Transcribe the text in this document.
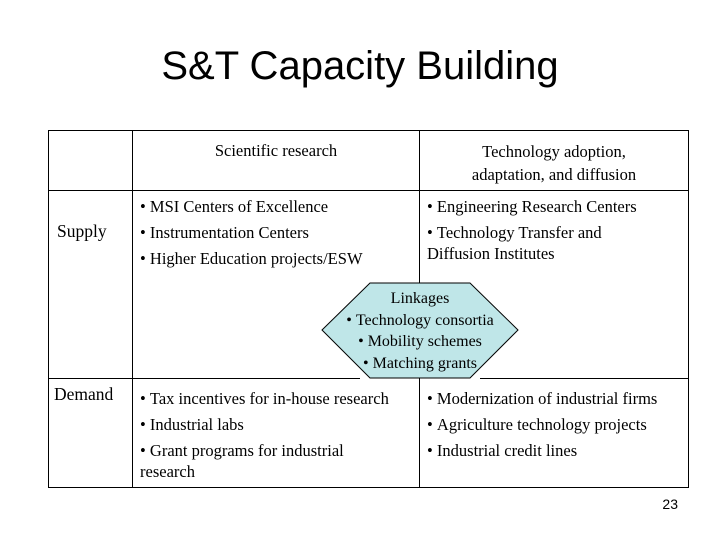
S&T Capacity Building
Scientific research	Technology adoption,
adaptation, and diffusion
Supply
Demand
• MSI Centers of Excellence
• Instrumentation Centers
• Higher Education projects/ESW
• Engineering Research Centers
• Technology Transfer and
Diffusion Institutes
Linkages
• Technology consortia
• Mobility schemes
• Matching grants
• Tax incentives for in-house research
• Industrial labs
• Grant programs for industrial
research
• Modernization of industrial firms
• Agriculture technology projects
• Industrial credit lines
23
